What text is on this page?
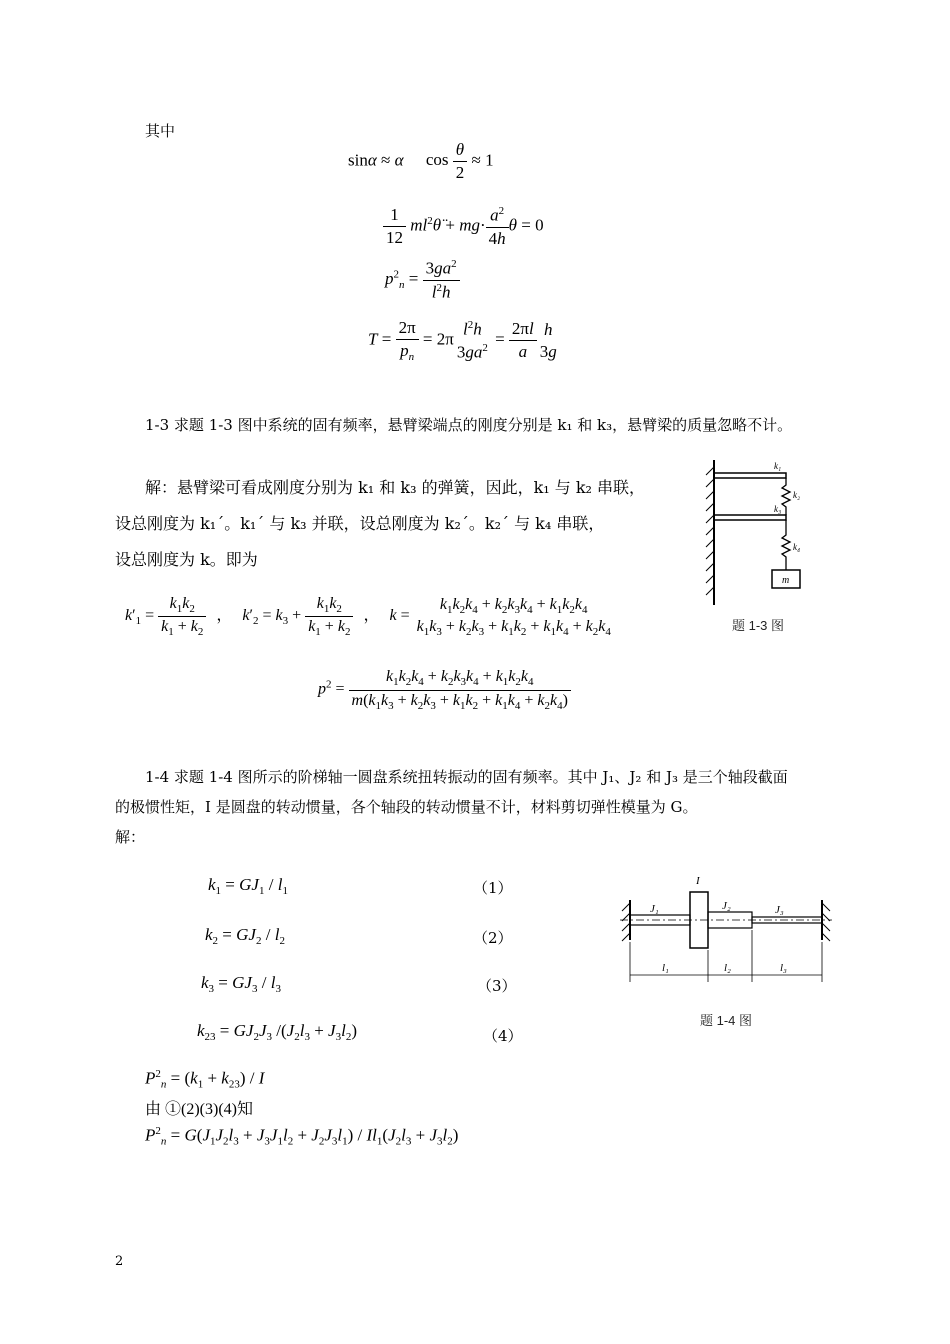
其中
sinα ≈ α $\cos \frac{\theta}{2} \approx 1$
$\frac{1}{12}$ $ml^2\thetä + mg\cdot \frac{a^2}{4h}$ θ = 0
$p^2_n = \frac{3ga^2}{l^2h}$
$T = \frac{2\pi}{p_n} = 2\pi$
$l^2h$
$3ga^2 = \frac{2\pi l}{a}$ h
3g
1-3 求题 1-3 图中系统的固有频率，悬臂梁端点的刚度分别是 k₁ 和 k₃，悬臂梁的质量忽略不计。
解：悬臂梁可看成刚度分别为 k₁ 和 k₃ 的弹簧，因此，k₁ 与 k₂ 串联，
设总刚度为 k₁´。k₁´ 与 k₃ 并联，设总刚度为 k₂´。k₂´ 与 k₄ 串联，
设总刚度为 k。即为
k₁
k₂
k₃
k₄
m
题 1-3 图
$k'_1 = \frac{k_1k_2}{k_1 + k_2}$ ， $k'_2 = k_3 + \frac{k_1k_2}{k_1 + k_2}$ ， k =
$k_1k_2k_4 + k_2k_3k_4 + k_1k_2k_4$
$k_1k_3 + k_2k_3 + k_1k_2 + k_1k_4 + k_2k_4$
$p^2 = \frac{k_1k_2k_4 + k_2k_3k_4 + k_1k_2k_4}{m(k_1k_3 + k_2k_3 + k_1k_2 + k_1k_4 + k_2k_4)}$
1-4 求题 1-4 图所示的阶梯轴一圆盘系统扭转振动的固有频率。其中 J₁、J₂ 和 J₃ 是三个轴段截面
的极惯性矩，I 是圆盘的转动惯量，各个轴段的转动惯量不计，材料剪切弹性模量为 G。
解：
$k_1 = GJ_1 / l_1$	（1）
$k_2 = GJ_2 / l_2$	（2）
$k_3 = GJ_3 / l_3$	（3）
$k_{23} = GJ_2J_3$ $/(J_2l_3 + J_3l_2)$	（4）
$P^2_n = (k_1 + k_{23}) / I$
由 ①(2)(3)(4)知
$P^2_n = G(J_1J_2l_3 + J_3J_1l_2 + J_2J_3l_1) / Il_1(J_2l_3 + J_3l_2)$
I
J₁	J₂	J₃
l₁	l₂	l₃
题 1-4 图
2
